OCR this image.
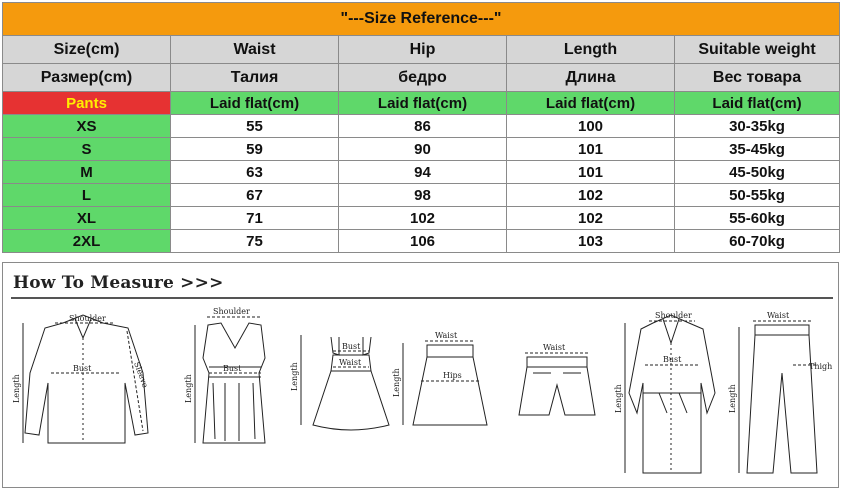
"---Size Reference---"				
Size(cm)	Waist	Hip	Length	Suitable weight
Размер(cm)	Талия	бедро	Длина	Вес товара
Pants	Laid flat(cm)	Laid flat(cm)	Laid flat(cm)	Laid flat(cm)
XS	55	86	100	30-35kg
S	59	90	101	35-45kg
M	63	94	101	45-50kg
L	67	98	102	50-55kg
XL	71	102	102	55-60kg
2XL	75	106	103	60-70kg
How To Measure >>>
Shoulder
Bust	Sleeve
Length
Shoulder
Bust
Length
Bust
Waist
Length
Waist
Hips
Length
Waist
Shoulder
Bust
Length
Waist
Thigh
Length
